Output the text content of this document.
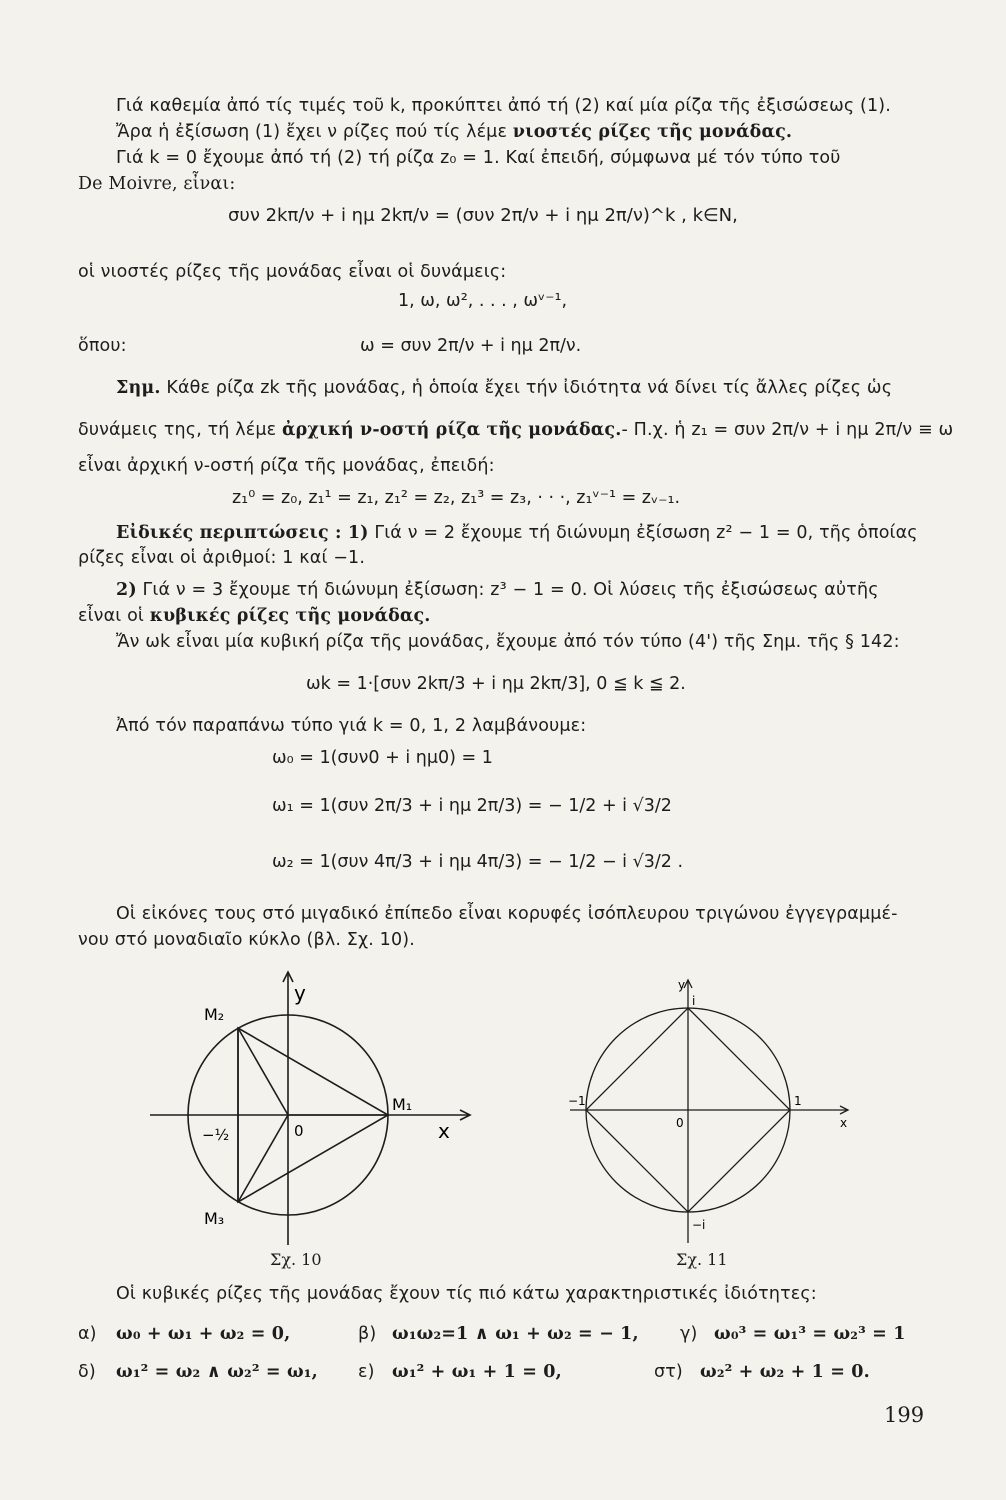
Γιά καθεμία ἀπό τίς τιμές τοῦ k, προκύπτει ἀπό τή (2) καί μία ρίζα τῆς ἐξισώσεως (1).
Ἄρα ἡ ἐξίσωση (1) ἔχει ν ρίζες πού τίς λέμε νιοστές ρίζες τῆς μονάδας.
Γιά k = 0 ἔχουμε ἀπό τή (2) τή ρίζα z₀ = 1. Καί ἐπειδή, σύμφωνα μέ τόν τύπο τοῦ
De Moivre, εἶναι:
συν 2kπ/ν + i ημ 2kπ/ν = (συν 2π/ν + i ημ 2π/ν)^k , k∈N,
οἱ νιοστές ρίζες τῆς μονάδας εἶναι οἱ δυνάμεις:
1, ω, ω², . . . , ωᵛ⁻¹,
ὅπου:	ω = συν 2π/ν + i ημ 2π/ν.
Σημ. Κάθε ρίζα zk τῆς μονάδας, ἡ ὁποία ἔχει τήν ἰδιότητα νά δίνει τίς ἄλλες ρίζες ὡς
δυνάμεις της, τή λέμε ἀρχική ν-οστή ρίζα τῆς μονάδας.- Π.χ. ἡ z₁ = συν 2π/ν + i ημ 2π/ν ≡ ω
εἶναι ἀρχική ν-οστή ρίζα τῆς μονάδας, ἐπειδή:
z₁⁰ = z₀, z₁¹ = z₁, z₁² = z₂, z₁³ = z₃, · · ·, z₁ᵛ⁻¹ = zᵥ₋₁.
Εἰδικές περιπτώσεις : 1) Γιά ν = 2 ἔχουμε τή διώνυμη ἐξίσωση z² − 1 = 0, τῆς ὁποίας
ρίζες εἶναι οἱ ἀριθμοί: 1 καί −1.
2) Γιά ν = 3 ἔχουμε τή διώνυμη ἐξίσωση: z³ − 1 = 0. Οἱ λύσεις τῆς ἐξισώσεως αὐτῆς
εἶναι οἱ κυβικές ρίζες τῆς μονάδας.
Ἄν ωk εἶναι μία κυβική ρίζα τῆς μονάδας, ἔχουμε ἀπό τόν τύπο (4') τῆς Σημ. τῆς § 142:
ωk = 1·[συν 2kπ/3 + i ημ 2kπ/3], 0 ≦ k ≦ 2.
Ἀπό τόν παραπάνω τύπο γιά k = 0, 1, 2 λαμβάνουμε:
ω₀ = 1(συν0 + i ημ0) = 1
ω₁ = 1(συν 2π/3 + i ημ 2π/3) = − 1/2 + i √3/2
ω₂ = 1(συν 4π/3 + i ημ 4π/3) = − 1/2 − i √3/2 .
Οἱ εἰκόνες τους στό μιγαδικό ἐπίπεδο εἶναι κορυφές ἰσόπλευρου τριγώνου ἐγγεγραμμέ-
νου στό μοναδιαῖο κύκλο (βλ. Σχ. 10).
y
x
M₁
M₂
M₃
0
−½
Σχ. 10
y
x
i
−i
1
−1
0
Σχ. 11
Οἱ κυβικές ρίζες τῆς μονάδας ἔχουν τίς πιό κάτω χαρακτηριστικές ἰδιότητες:
α) ω₀ + ω₁ + ω₂ = 0,	β) ω₁ω₂=1 ∧ ω₁ + ω₂ = − 1, γ) ω₀³ = ω₁³ = ω₂³ = 1
δ) ω₁² = ω₂ ∧ ω₂² = ω₁, ε) ω₁² + ω₁ + 1 = 0,	στ) ω₂² + ω₂ + 1 = 0.
199
